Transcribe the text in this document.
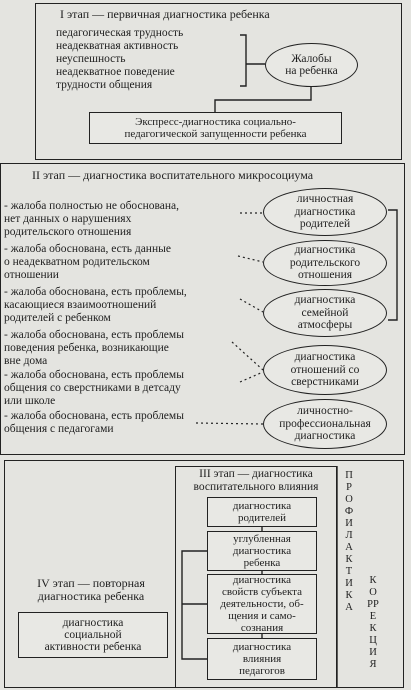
I этап — первичная диагностика ребенка
педагогическая трудность
неадекватная активность
неуспешность
неадекватное поведение
трудности общения
Жалобы
на ребенка
Экспресс-диагностика социально-
педагогической запущенности ребенка
II этап — диагностика воспитательного микросоциума
- жалоба полностью не обоснована,
нет данных о нарушениях
родительского отношения
- жалоба обоснована, есть данные
о неадекватном родительском
отношении
- жалоба обоснована, есть проблемы,
касающиеся взаимоотношений
родителей с ребенком
- жалоба обоснована, есть проблемы
поведения ребенка, возникающие
вне дома
- жалоба обоснована, есть проблемы
общения со сверстниками в детсаду
или школе
- жалоба обоснована, есть проблемы
общения с педагогами
личностная
диагностика
родителей
диагностика
родительского
отношения
диагностика
семейной
атмосферы
диагностика
отношений со
сверстниками
личностно-
профессиональная
диагностика
III этап — диагностика
воспитательного влияния
диагностика
родителей
углубленная
диагностика
ребенка
диагностика
свойств субъекта
деятельности, об-
щения и само-
сознания
диагностика
влияния
педагогов
ПРОФИЛАКТИКА
КОРРЕКЦИЯ
IV этап — повторная
диагностика ребенка
диагностика
социальной
активности ребенка
